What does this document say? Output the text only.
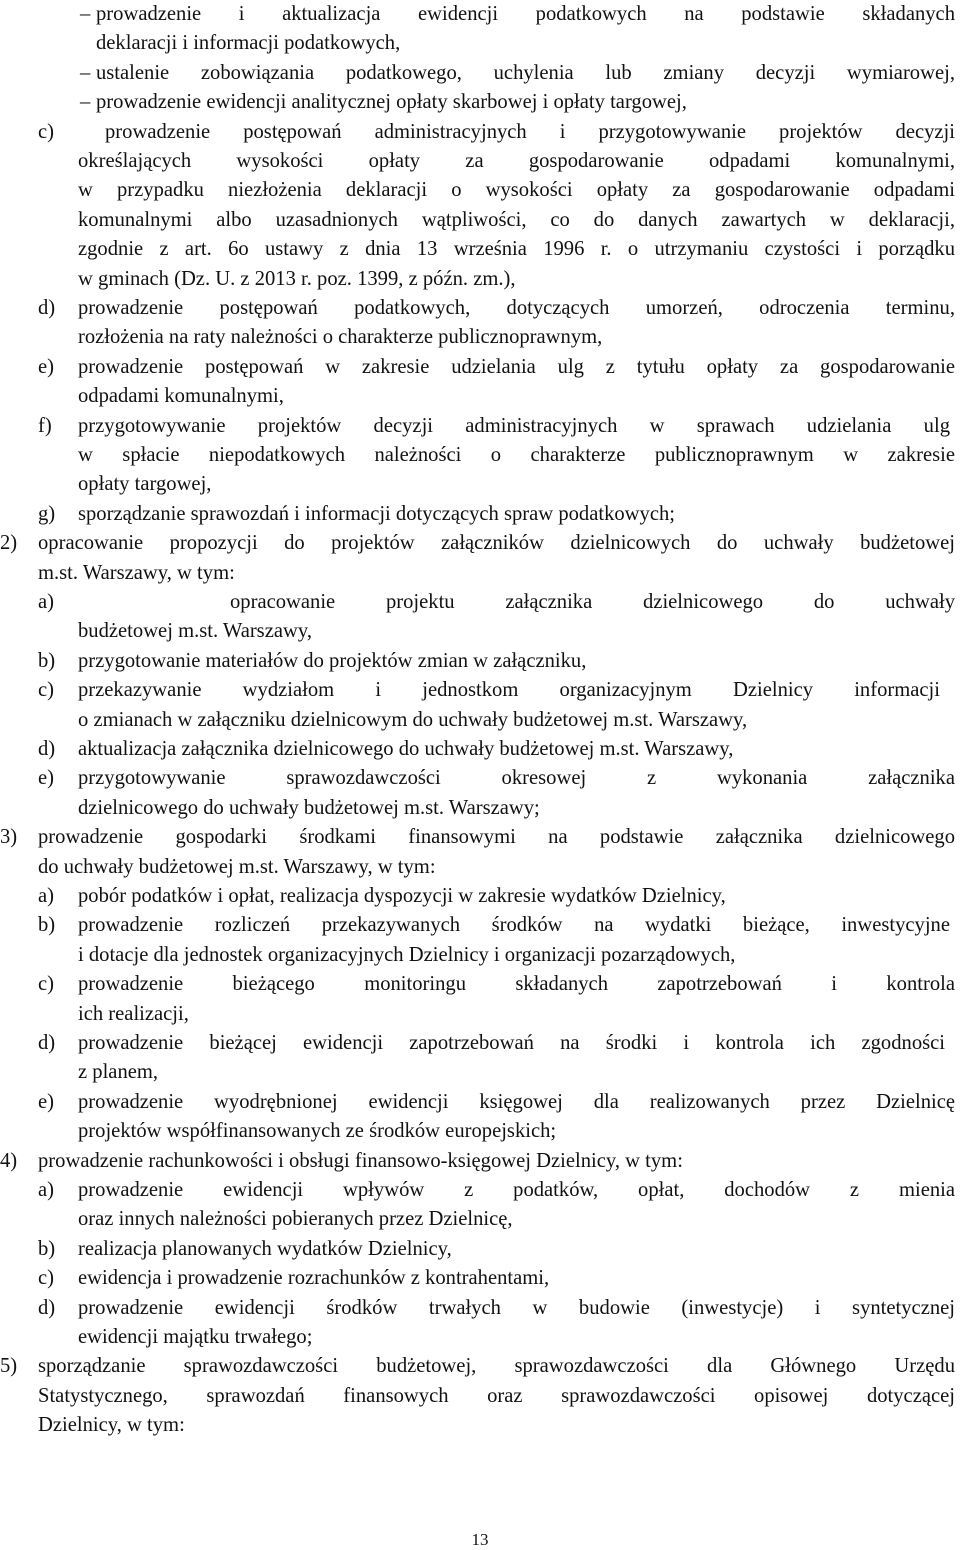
– prowadzenie i aktualizacja ewidencji podatkowych na podstawie składanych
deklaracji i informacji podatkowych,
– ustalenie zobowiązania podatkowego, uchylenia lub zmiany decyzji wymiarowej,
– prowadzenie ewidencji analitycznej opłaty skarbowej i opłaty targowej,
c) prowadzenie postępowań administracyjnych i przygotowywanie projektów decyzji
określających wysokości opłaty za gospodarowanie odpadami komunalnymi,
w przypadku niezłożenia deklaracji o wysokości opłaty za gospodarowanie odpadami
komunalnymi albo uzasadnionych wątpliwości, co do danych zawartych w deklaracji,
zgodnie z art. 6o ustawy z dnia 13 września 1996 r. o utrzymaniu czystości i porządku
w gminach (Dz. U. z 2013 r. poz. 1399, z późn. zm.),
d) prowadzenie postępowań podatkowych, dotyczących umorzeń, odroczenia terminu,
rozłożenia na raty należności o charakterze publicznoprawnym,
e) prowadzenie postępowań w zakresie udzielania ulg z tytułu opłaty za gospodarowanie
odpadami komunalnymi,
f) przygotowywanie projektów decyzji administracyjnych w sprawach udzielania ulg
w spłacie niepodatkowych należności o charakterze publicznoprawnym w zakresie
opłaty targowej,
g) sporządzanie sprawozdań i informacji dotyczących spraw podatkowych;
2) opracowanie propozycji do projektów załączników dzielnicowych do uchwały budżetowej
m.st. Warszawy, w tym:
a)	opracowanie projektu załącznika dzielnicowego do uchwały
budżetowej m.st. Warszawy,
b) przygotowanie materiałów do projektów zmian w załączniku,
c) przekazywanie wydziałom i jednostkom organizacyjnym Dzielnicy informacji
o zmianach w załączniku dzielnicowym do uchwały budżetowej m.st. Warszawy,
d) aktualizacja załącznika dzielnicowego do uchwały budżetowej m.st. Warszawy,
e) przygotowywanie sprawozdawczości okresowej z wykonania załącznika
dzielnicowego do uchwały budżetowej m.st. Warszawy;
3) prowadzenie gospodarki środkami finansowymi na podstawie załącznika dzielnicowego
do uchwały budżetowej m.st. Warszawy, w tym:
a) pobór podatków i opłat, realizacja dyspozycji w zakresie wydatków Dzielnicy,
b) prowadzenie rozliczeń przekazywanych środków na wydatki bieżące, inwestycyjne
i dotacje dla jednostek organizacyjnych Dzielnicy i organizacji pozarządowych,
c) prowadzenie bieżącego monitoringu składanych zapotrzebowań i kontrola
ich realizacji,
d) prowadzenie bieżącej ewidencji zapotrzebowań na środki i kontrola ich zgodności
z planem,
e) prowadzenie wyodrębnionej ewidencji księgowej dla realizowanych przez Dzielnicę
projektów współfinansowanych ze środków europejskich;
4) prowadzenie rachunkowości i obsługi finansowo-księgowej Dzielnicy, w tym:
a) prowadzenie ewidencji wpływów z podatków, opłat, dochodów z mienia
oraz innych należności pobieranych przez Dzielnicę,
b) realizacja planowanych wydatków Dzielnicy,
c) ewidencja i prowadzenie rozrachunków z kontrahentami,
d) prowadzenie ewidencji środków trwałych w budowie (inwestycje) i syntetycznej
ewidencji majątku trwałego;
5) sporządzanie sprawozdawczości budżetowej, sprawozdawczości dla Głównego Urzędu
Statystycznego, sprawozdań finansowych oraz sprawozdawczości opisowej dotyczącej
Dzielnicy, w tym:
13
